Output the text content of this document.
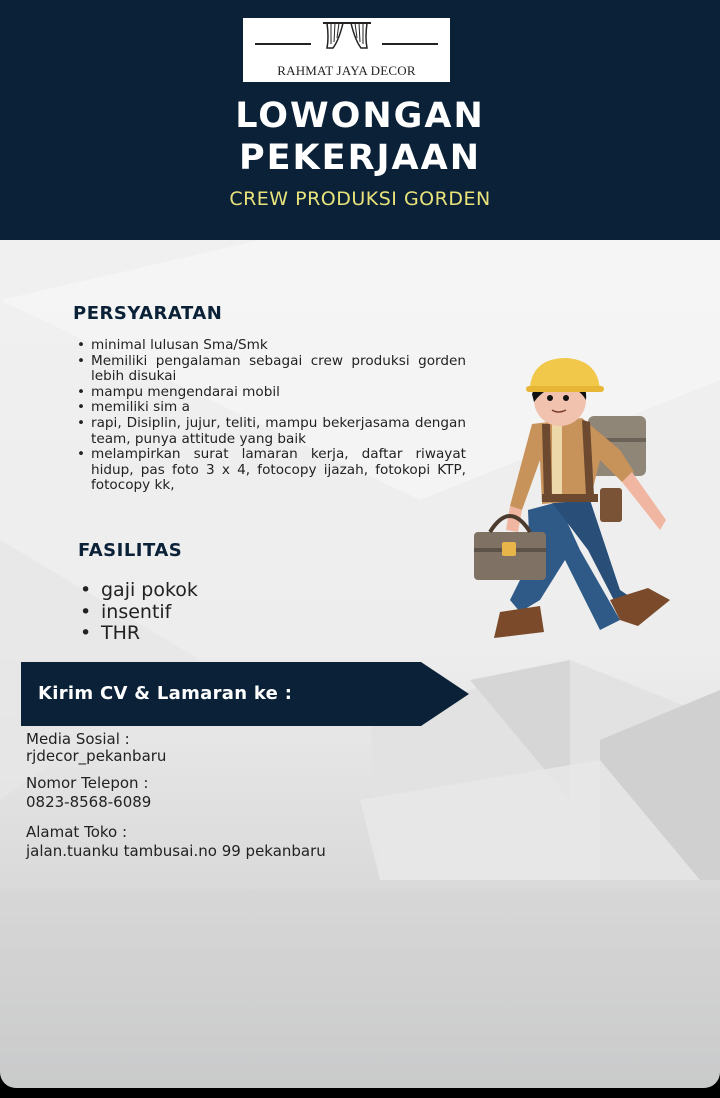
RAHMAT JAYA DECOR
LOWONGAN
PEKERJAAN
CREW PRODUKSI GORDEN
PERSYARATAN
• minimal lulusan Sma/Smk
• Memiliki pengalaman sebagai crew produksi gorden lebih disukai
• mampu mengendarai mobil
• memiliki sim a
• rapi, Disiplin, jujur, teliti, mampu bekerjasama dengan team, punya attitude yang baik
• melampirkan surat lamaran kerja, daftar riwayat hidup, pas foto 3 x 4, fotocopy ijazah, fotokopi KTP, fotocopy kk,
FASILITAS
• gaji pokok
• insentif
• THR
Kirim CV & Lamaran ke :
Media Sosial :
rjdecor_pekanbaru
Nomor Telepon :
0823-8568-6089
Alamat Toko :
jalan.tuanku tambusai.no 99 pekanbaru
